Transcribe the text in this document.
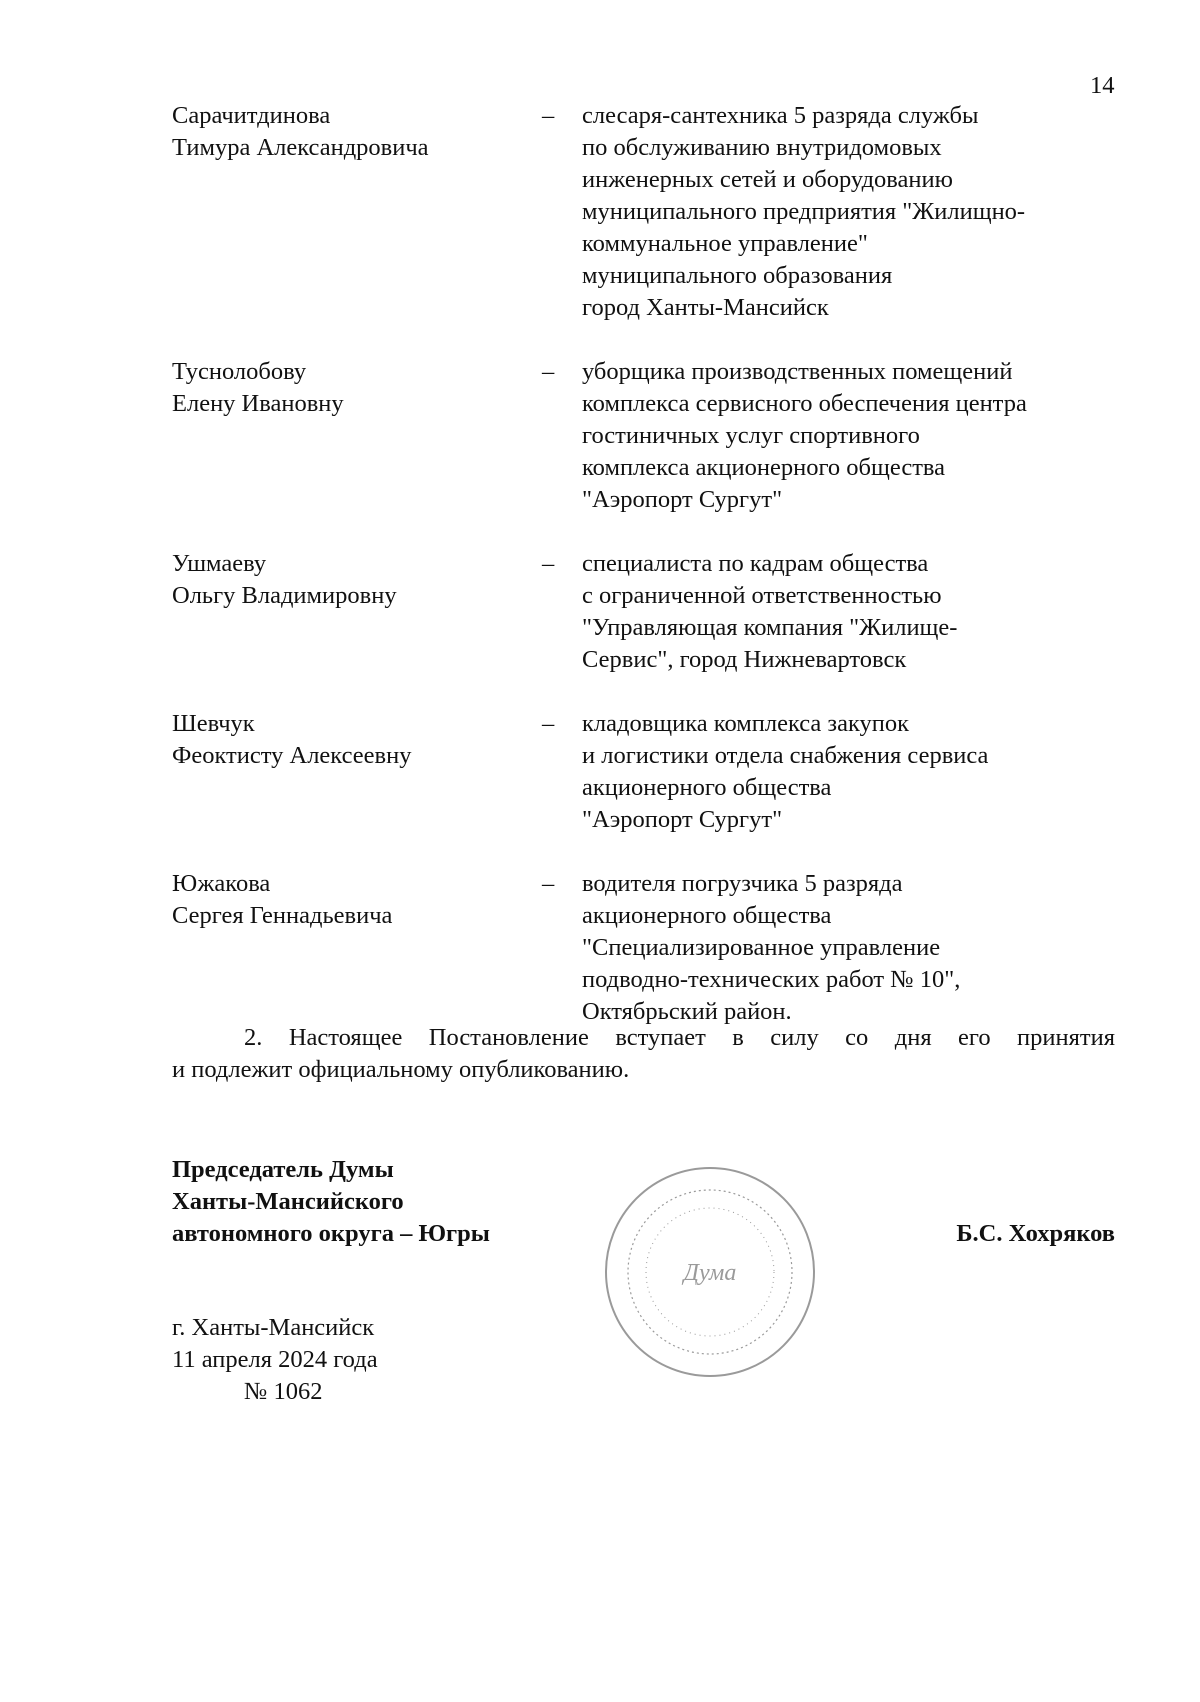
14
Сарачитдинова
Тимура Александровича
– слесаря-сантехника 5 разряда службы
по обслуживанию внутридомовых
инженерных сетей и оборудованию
муниципального предприятия "Жилищно-
коммунальное управление"
муниципального образования
город Ханты-Мансийск
Туснолобову
Елену Ивановну
– уборщика производственных помещений
комплекса сервисного обеспечения центра
гостиничных услуг спортивного
комплекса акционерного общества
"Аэропорт Сургут"
Ушмаеву
Ольгу Владимировну
– специалиста по кадрам общества
с ограниченной ответственностью
"Управляющая компания "Жилище-
Сервис", город Нижневартовск
Шевчук
Феоктисту Алексеевну
– кладовщика комплекса закупок
и логистики отдела снабжения сервиса
акционерного общества
"Аэропорт Сургут"
Южакова
Сергея Геннадьевича
– водителя погрузчика 5 разряда
акционерного общества
"Специализированное управление
подводно-технических работ № 10",
Октябрьский район.
2. Настоящее Постановление вступает в силу со дня его принятия
и подлежит официальному опубликованию.
Председатель Думы
Ханты-Мансийского
автономного округа – Югры
Дума
Б.С. Хохряков
г. Ханты-Мансийск
11 апреля 2024 года
№ 1062
